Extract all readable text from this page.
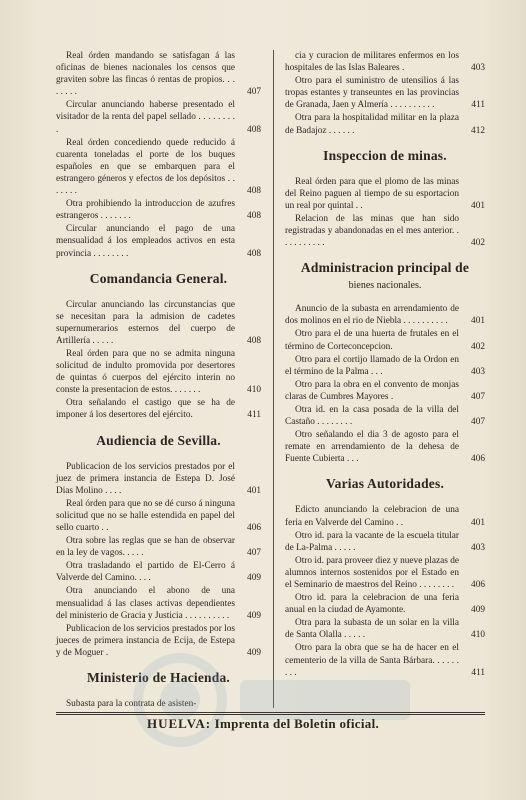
Real órden mandando se satisfagan á las oficinas de bienes nacionales los censos que graviten sobre las fincas ó rentas de propios. . . . . . . .	407
Circular anunciando haberse presentado el visitador de la renta del papel sellado . . . . . . . . .	408
Real órden concediendo quede reducido á cuarenta toneladas el porte de los buques españoles en que se embarquen para el estrangero géneros y efectos de los depósitos . . . . . . .	408
Otra prohibiendo la introduccion de azufres estrangeros . . . . . . .	408
Circular anunciando el pago de una mensualidad á los empleados activos en esta provincia . . . . . . . .	408
Comandancia General.
Circular anunciando las circunstancias que se necesitan para la admision de cadetes supernumerarios esternos del cuerpo de Artillería . . . . .	408
Real órden para que no se admita ninguna solicitud de indulto promovida por desertores de quintas ó cuerpos del ejército interin no conste la presentacion de estos. . . . . . .	410
Otra señalando el castigo que se ha de imponer á los desertores del ejército.	411
Audiencia de Sevilla.
Publicacion de los servicios prestados por el juez de primera instancia de Estepa D. José Dias Molino . . . .	401
Real órden para que no se dé curso á ninguna solicitud que no se halle estendida en papel del sello cuarto . .	406
Otra sobre las reglas que se han de observar en la ley de vagos. . . . .	407
Otra trasladando el partido de El-Cerro á Valverde del Camino. . . .	409
Otra anunciando el abono de una mensualidad á las clases activas dependientes del ministerio de Gracia y Justicia . . . . . . . . . .	409
Publicacion de los servicios prestados por los jueces de primera instancia de Ecija, de Estepa y de Moguer .	409
Ministerio de Hacienda.
Subasta para la contrata de asisten-
cia y curacion de militares enfermos en los hospitales de las Islas Baleares .	403
Otro para el suministro de utensilios á las tropas estantes y transeuntes en las provincias de Granada, Jaen y Almería . . . . . . . . . .	411
Otra para la hospitalidad militar en la plaza de Badajoz . . . . . .	412
Inspeccion de minas.
Real órden para que el plomo de las minas del Reino paguen al tiempo de su esportacion un real por quintal . .	401
Relacion de las minas que han sido registradas y abandonadas en el mes anterior. . . . . . . . . . .	402
Administracion principal de
bienes nacionales.
Anuncio de la subasta en arrendamiento de dos molinos en el rio de Niebla . . . . . . . . . .	401
Otro para el de una huerta de frutales en el término de Corteconcepcion.	402
Otro para el cortijo llamado de la Ordon en el término de la Palma . . .	403
Otro para la obra en el convento de monjas claras de Cumbres Mayores .	407
Otra id. en la casa posada de la villa del Castaño . . . . . . . .	407
Otro señalando el dia 3 de agosto para el remate en arrendamiento de la dehesa de Fuente Cubierta . . .	406
Varias Autoridades.
Edicto anunciando la celebracion de una feria en Valverde del Camino . .	401
Otro id. para la vacante de la escuela titular de La-Palma . . . . .	403
Otro id. para proveer diez y nueve plazas de alumnos internos sostenidos por el Estado en el Seminario de maestros del Reino . . . . . . . .	406
Otro id. para la celebracion de una feria anual en la ciudad de Ayamonte.	409
Otra para la subasta de un solar en la villa de Santa Olalla . . . . .	410
Otro para la obra que se ha de hacer en el cementerio de la villa de Santa Bárbara. . . . . . . . .	411
HUELVA: Imprenta del Boletin oficial.
